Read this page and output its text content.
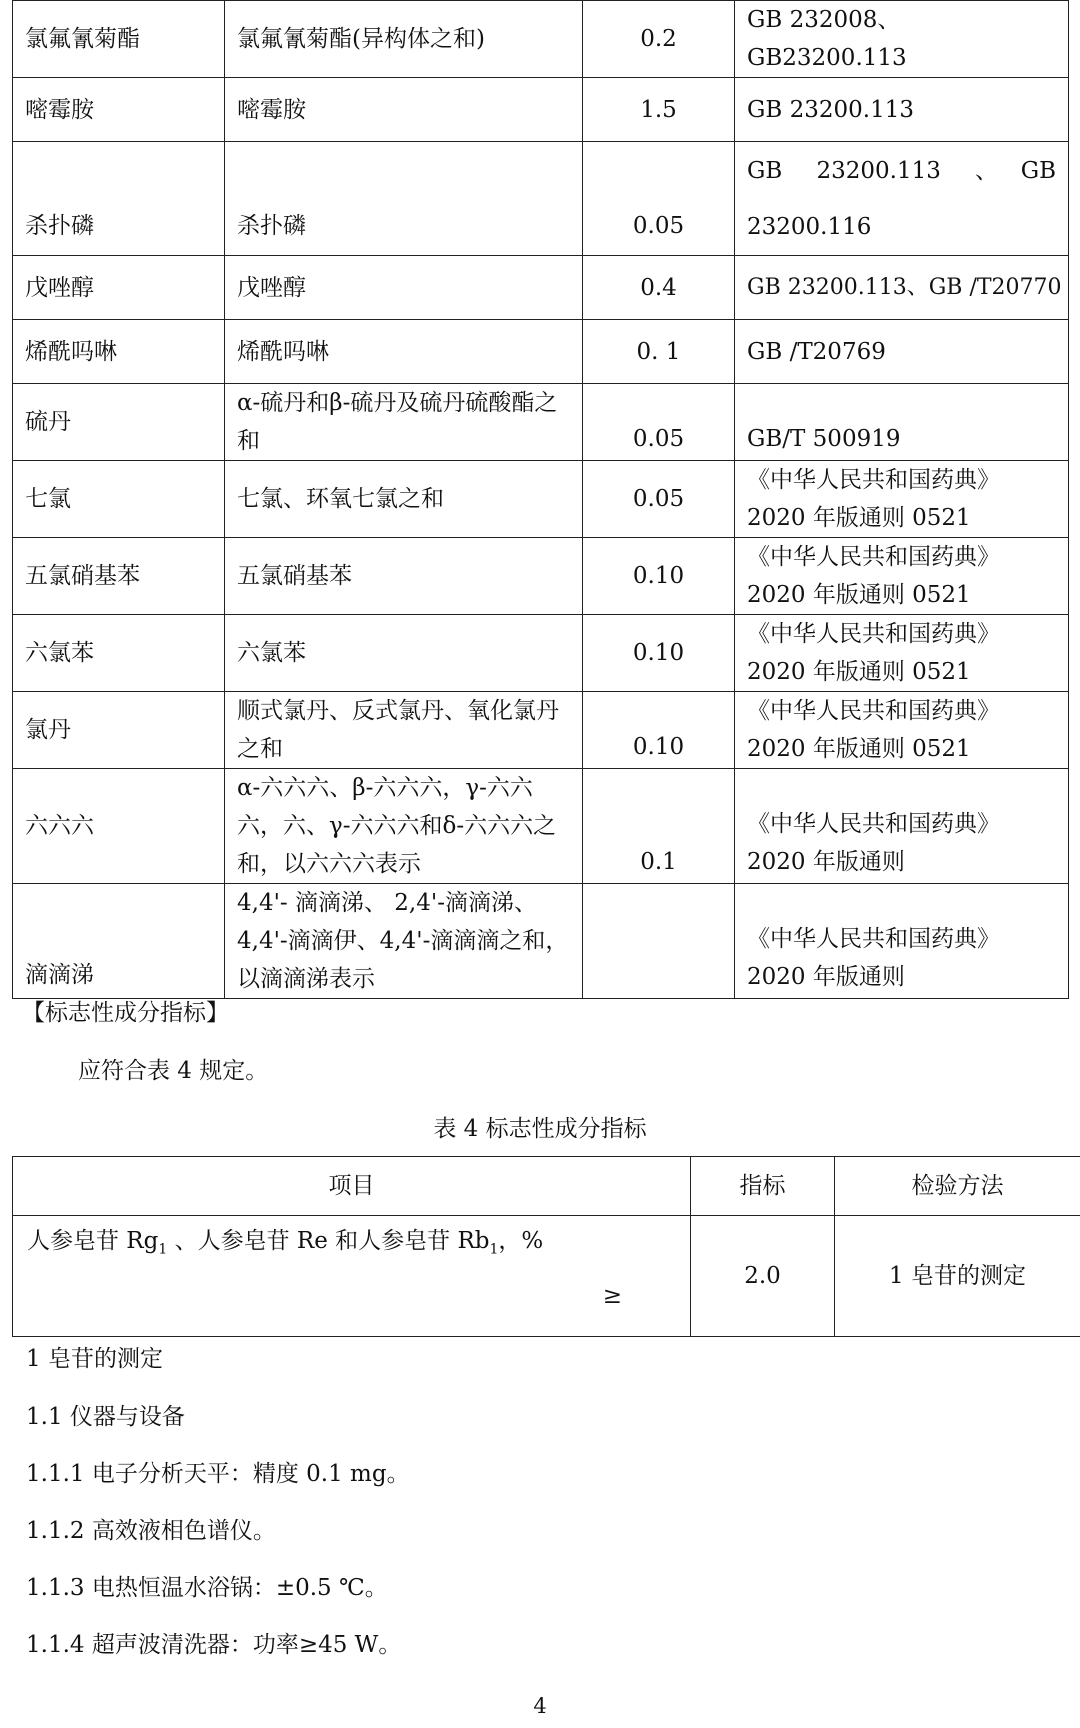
氯氟氰菊酯	氯氟氰菊酯(异构体之和)	0.2	GB 232008、GB23200.113
嘧霉胺	嘧霉胺	1.5	GB 23200.113
杀扑磷	杀扑磷	0.05	GB　23200.113　、　GB 23200.116
戊唑醇	戊唑醇	0.4	GB 23200.113、GB /T20770
烯酰吗啉	烯酰吗啉	0. 1	GB /T20769
硫丹	α-硫丹和β-硫丹及硫丹硫酸酯之和	0.05	GB/T 500919
七氯	七氯、环氧七氯之和	0.05	《中华人民共和国药典》2020 年版通则 0521
五氯硝基苯	五氯硝基苯	0.10	《中华人民共和国药典》2020 年版通则 0521
六氯苯	六氯苯	0.10	《中华人民共和国药典》2020 年版通则 0521
氯丹	顺式氯丹、反式氯丹、氧化氯丹之和	0.10	《中华人民共和国药典》2020 年版通则 0521
六六六	α-六六六、β-六六六，γ-六六六，六、γ-六六六和δ-六六六之和，以六六六表示	0.1	《中华人民共和国药典》2020 年版通则
滴滴涕	4,4'- 滴滴涕、 2,4'-滴滴涕、4,4'-滴滴伊、4,4'-滴滴滴之和，以滴滴涕表示		《中华人民共和国药典》2020 年版通则
【标志性成分指标】
应符合表 4 规定。
表 4 标志性成分指标
项目	指标	检验方法

人参皂苷 $Rg_1$ 、人参皂苷 Re 和人参皂苷 $Rb_1$，%
≥	2.0	1 皂苷的测定
1 皂苷的测定
1.1 仪器与设备
1.1.1 电子分析天平：精度 0.1 mg。
1.1.2 高效液相色谱仪。
1.1.3 电热恒温水浴锅：±0.5 ℃。
1.1.4 超声波清洗器：功率≥45 W。
4
